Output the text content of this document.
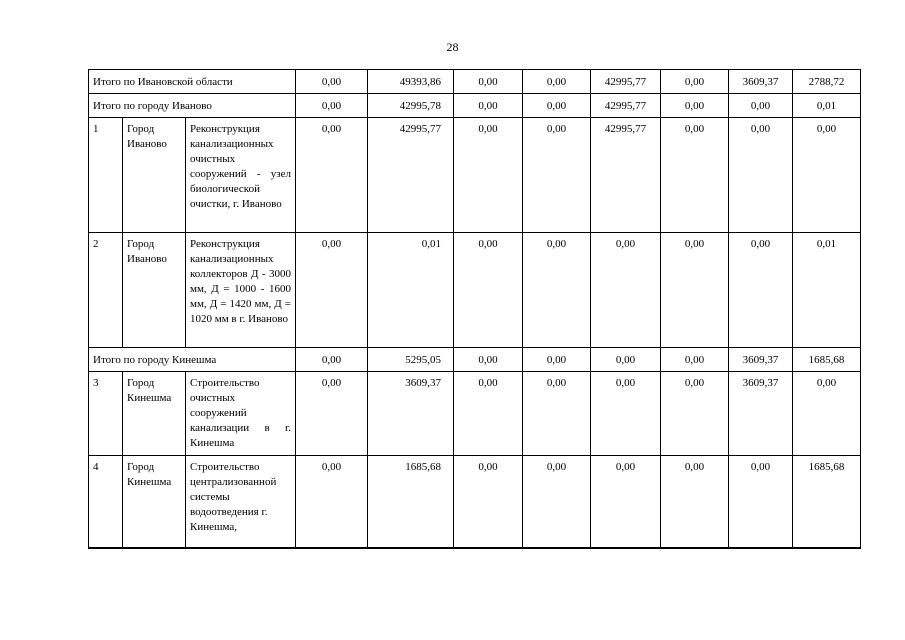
28
Итого по Ивановской области			0,00	49393,86	0,00	0,00	42995,77	0,00	3609,37	2788,72
Итого по городу Иваново			0,00	42995,78	0,00	0,00	42995,77	0,00	0,00	0,01
1	Город Иваново	Реконструкция канализационных очистных сооружений - узел биологической очистки, г. Иваново	0,00	42995,77	0,00	0,00	42995,77	0,00	0,00	0,00
2	Город Иваново	Реконструкция канализационных коллекторов Д - 3000 мм, Д = 1000 - 1600 мм, Д = 1420 мм, Д = 1020 мм в г. Иваново	0,00	0,01	0,00	0,00	0,00	0,00	0,00	0,01
Итого по городу Кинешма			0,00	5295,05	0,00	0,00	0,00	0,00	3609,37	1685,68
3	Город Кинешма	Строительство очистных сооружений канализации в г. Кинешма	0,00	3609,37	0,00	0,00	0,00	0,00	3609,37	0,00
4	Город Кинешма	Строительство централизованной системы водоотведения г. Кинешма,	0,00	1685,68	0,00	0,00	0,00	0,00	0,00	1685,68
